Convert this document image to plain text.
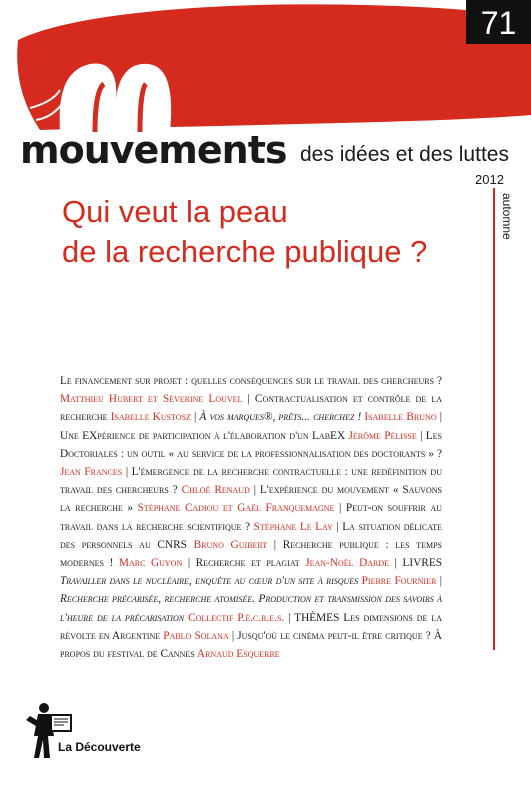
71
mouvements des idées et des luttes
2012
automne
Qui veut la peau
de la recherche publique ?

Le financement sur projet : quelles conséquences sur le travail des chercheurs ? Matthieu Hubert et Séverine Louvel | Contractualisation et contrôle de la recherche Isabelle Kustosz | À vos marques®, prêts... cherchez ! Isabelle Bruno | Une EXpérience de participation à l'élaboration d'un LabEX Jérôme Pélisse | Les Doctoriales : un outil « au service de la professionnalisation des doctorants » ? Jean Frances | L'émergence de la recherche contractuelle : une redéfinition du travail des chercheurs ? Chloé Renaud | L'expérience du mouvement « Sauvons la recherche » Stéphane Cadiou et Gaël Franquemagne | Peut-on souffrir au travail dans la recherche scientifique ? Stéphane Le Lay | La situation délicate des personnels au CNRS Bruno Guibert | Recherche publique : les temps modernes ! Marc Guyon | Recherche et plagiat Jean-Noël Darde | LIVRES Travailler dans le nucléaire, enquête au cœur d'un site à risques Pierre Fournier | Recherche précarisée, recherche atomisée. Production et transmission des savoirs à l'heure de la précarisation Collectif P.é.c.r.e.s. | THÈMES Les dimensions de la révolte en Argentine Pablo Solana | Jusqu'où le cinéma peut-il être critique ? À propos du festival de Cannes Arnaud Esquerre

La Découverte
